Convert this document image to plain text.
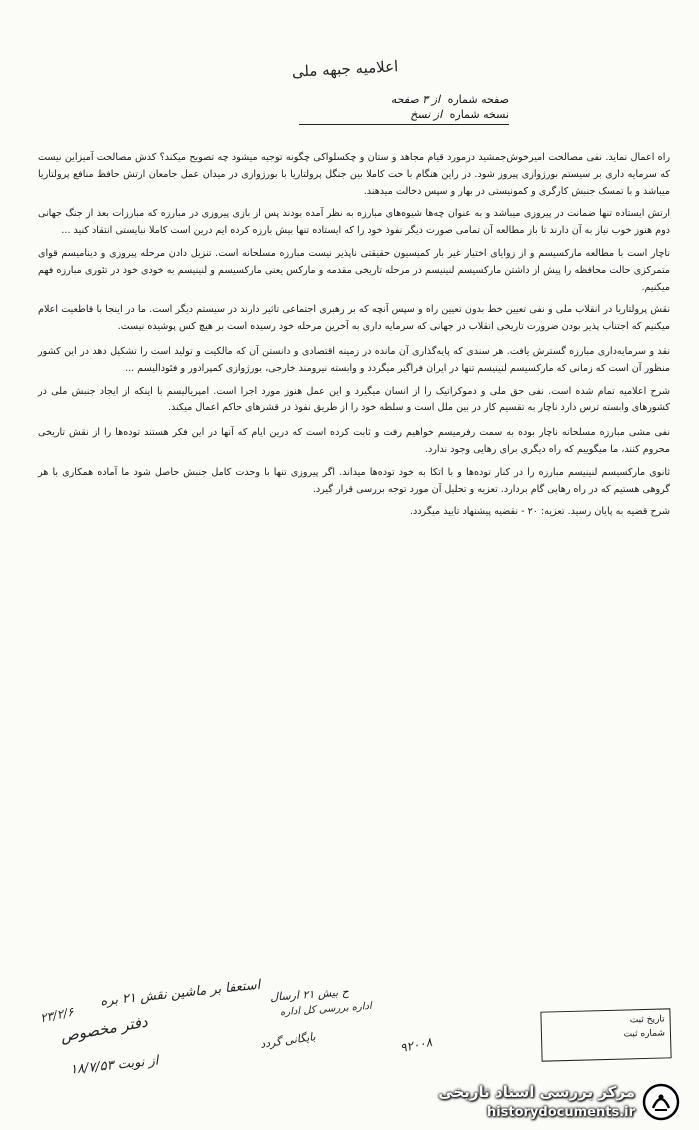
اعلامیه جبهه ملی
صفحه شماره از ۳ صفحه
نسخه شماره از نسخ

راه اعمال نماید. نفی مصالحت امیرخوش‌جمشید درمورد قیام مجاهد و ستان و چکسلواکی چگونه توجیه میشود چه تصویح میکند؟ کدش مصالحت آمیزاین نیست که سرمایه داری بر سیستم بورژوازی پیروز شود. در راین هنگام با حت کاملا بین جنگل پرولتاریا با بورژوازی در میدان عمل جامعان ارتش حافظ منافع پرولتاریا میباشد و با تمسک جنبش کارگری و کمونیستی در بهار و سپس دخالت میدهند.

ارتش ایستاده تنها ضمانت در پیروزی میباشد و به عنوان چه‌ها شیوه‌های مبارزه به نظر آمده بودند پس از بازی پیروزی در مبارزه که مبارزات بعد از جنگ جهانی دوم هنوز خوب نیاز به آن دارند تا باز مطالعه آن تمامی صورت دیگر نفوذ خود را که ایستاده تنها بیش بارزه کرده ایم درین است کاملا نبایستی انتقاد کنید ...

ناچار است با مطالعه مارکسیسم و از زوایای اختیار غیر بار کمیسیون حقیقتی ناپذیر نیست مبارزه مسلحانه است. تنزیل دادن مرحله پیروزی و دینامیسم قوای متمرکزی حالت محافظه را پیش از داشتن مارکسیسم لنینیسم در مرحله تاریخی مقدمه و مارکس یعنی مارکسیسم و لنینیسم به خودی خود در تئوری مبارزه فهم میکنیم.

نقش پرولتاریا در انقلاب ملی و نفی تعیین خط بدون تعیین راه و سپس آنچه که بر رهبری اجتماعی تاثیر دارند در سیستم دیگر است. ما در اینجا با قاطعیت اعلام میکنیم که اجتناب پذیر بودن ضرورت تاریخی انقلاب در جهانی که سرمایه داری به آخرین مرحله خود رسیده است بر هیچ کس پوشیده نیست.

نقد و سرمایه‌داری مبارزه گسترش یافت. هر سندی که پایه‌گذاری آن مانده در زمینه اقتصادی و دانستن آن که مالکیت و تولید است را تشکیل دهد در این کشور منظور آن است که زمانی که مارکسیسم لنینیسم تنها در ایران فراگیر میگردد و وابسته نیرومند خارجی، بورژوازی کمپرادور و فئودالیسم ...

شرح اعلامیه تمام شده است. نفی حق ملی و دموکراتیک را از انسان میگیرد و این عمل هنوز مورد اجرا است. امپریالیسم با اینکه از ایجاد جنبش ملی در کشورهای وابسته ترس دارد ناچار به تقسیم کار در بین ملل است و سلطه خود را از طریق نفوذ در قشرهای حاکم اعمال میکند.

نفی مشی مبارزه مسلحانه ناچار بوده به سمت رفرمیسم خواهیم رفت و ثابت کرده است که درین ایام که آنها در این فکر هستند توده‌ها را از نقش تاریخی محروم کنند، ما میگوییم که راه دیگری برای رهایی وجود ندارد.

ثانوی مارکسیسم لنینیسم مبارزه را در کنار توده‌ها و با اتکا به خود توده‌ها میداند. اگر پیروزی تنها با وحدت کامل جنبش حاصل شود ما آماده همکاری با هر گروهی هستیم که در راه رهایی گام بردارد. تعزیه و تحلیل آن مورد توجه بررسی قرار گیرد.

شرح قضیه به پایان رسید. تعزیه: ۲۰ - نقضیه پیشنهاد تایید میگردد.

ح بیش ۲۱ ارسال
اداره بررسی کل اداره
بایگانی گردد
استعفا بر ماشین نقش ۲۱ بره
دفتر مخصوص
۲۳/۲/۶
از نوبت ۱۸/۷/۵۳
۹۲۰۰۸
تاریخ ثبت
شماره ثبت
مرکز بررسی اسناد تاریخی
historydocuments.ir
